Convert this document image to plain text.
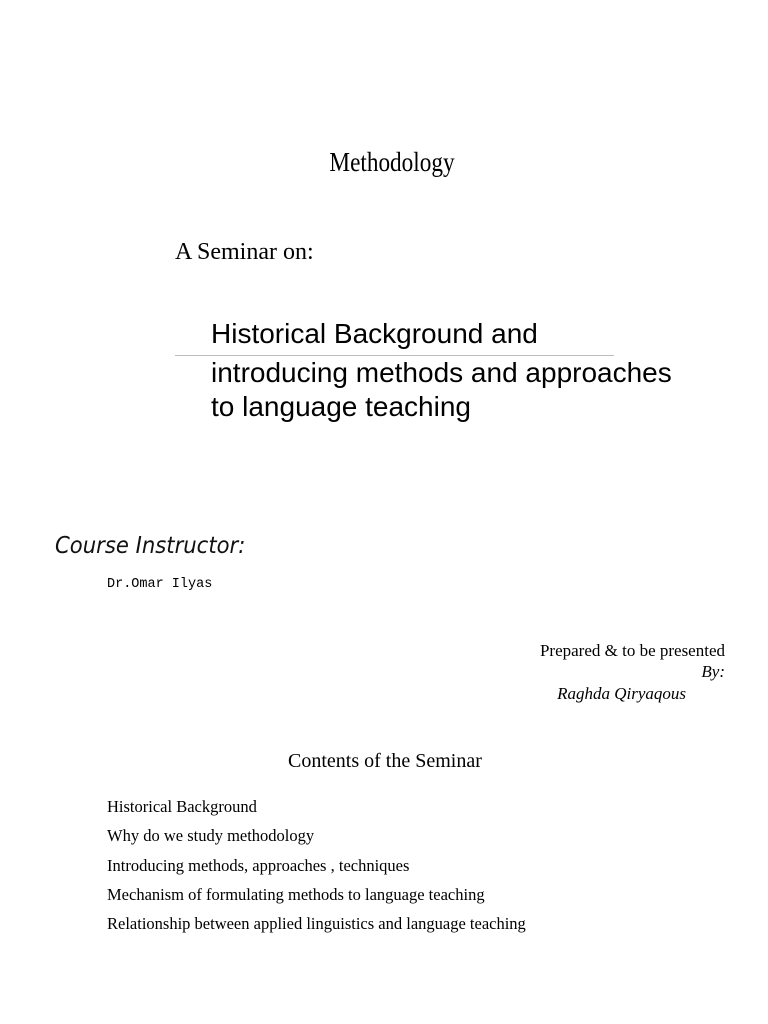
Methodology
A Seminar on:
Historical Background and
introducing methods and approaches
to language teaching
Course Instructor:
Dr.Omar Ilyas
Prepared & to be presented
By:
Raghda Qiryaqous
Contents of the Seminar
Historical Background
Why do we study methodology
Introducing methods, approaches , techniques
Mechanism of formulating methods to language teaching
Relationship between applied linguistics and language teaching
